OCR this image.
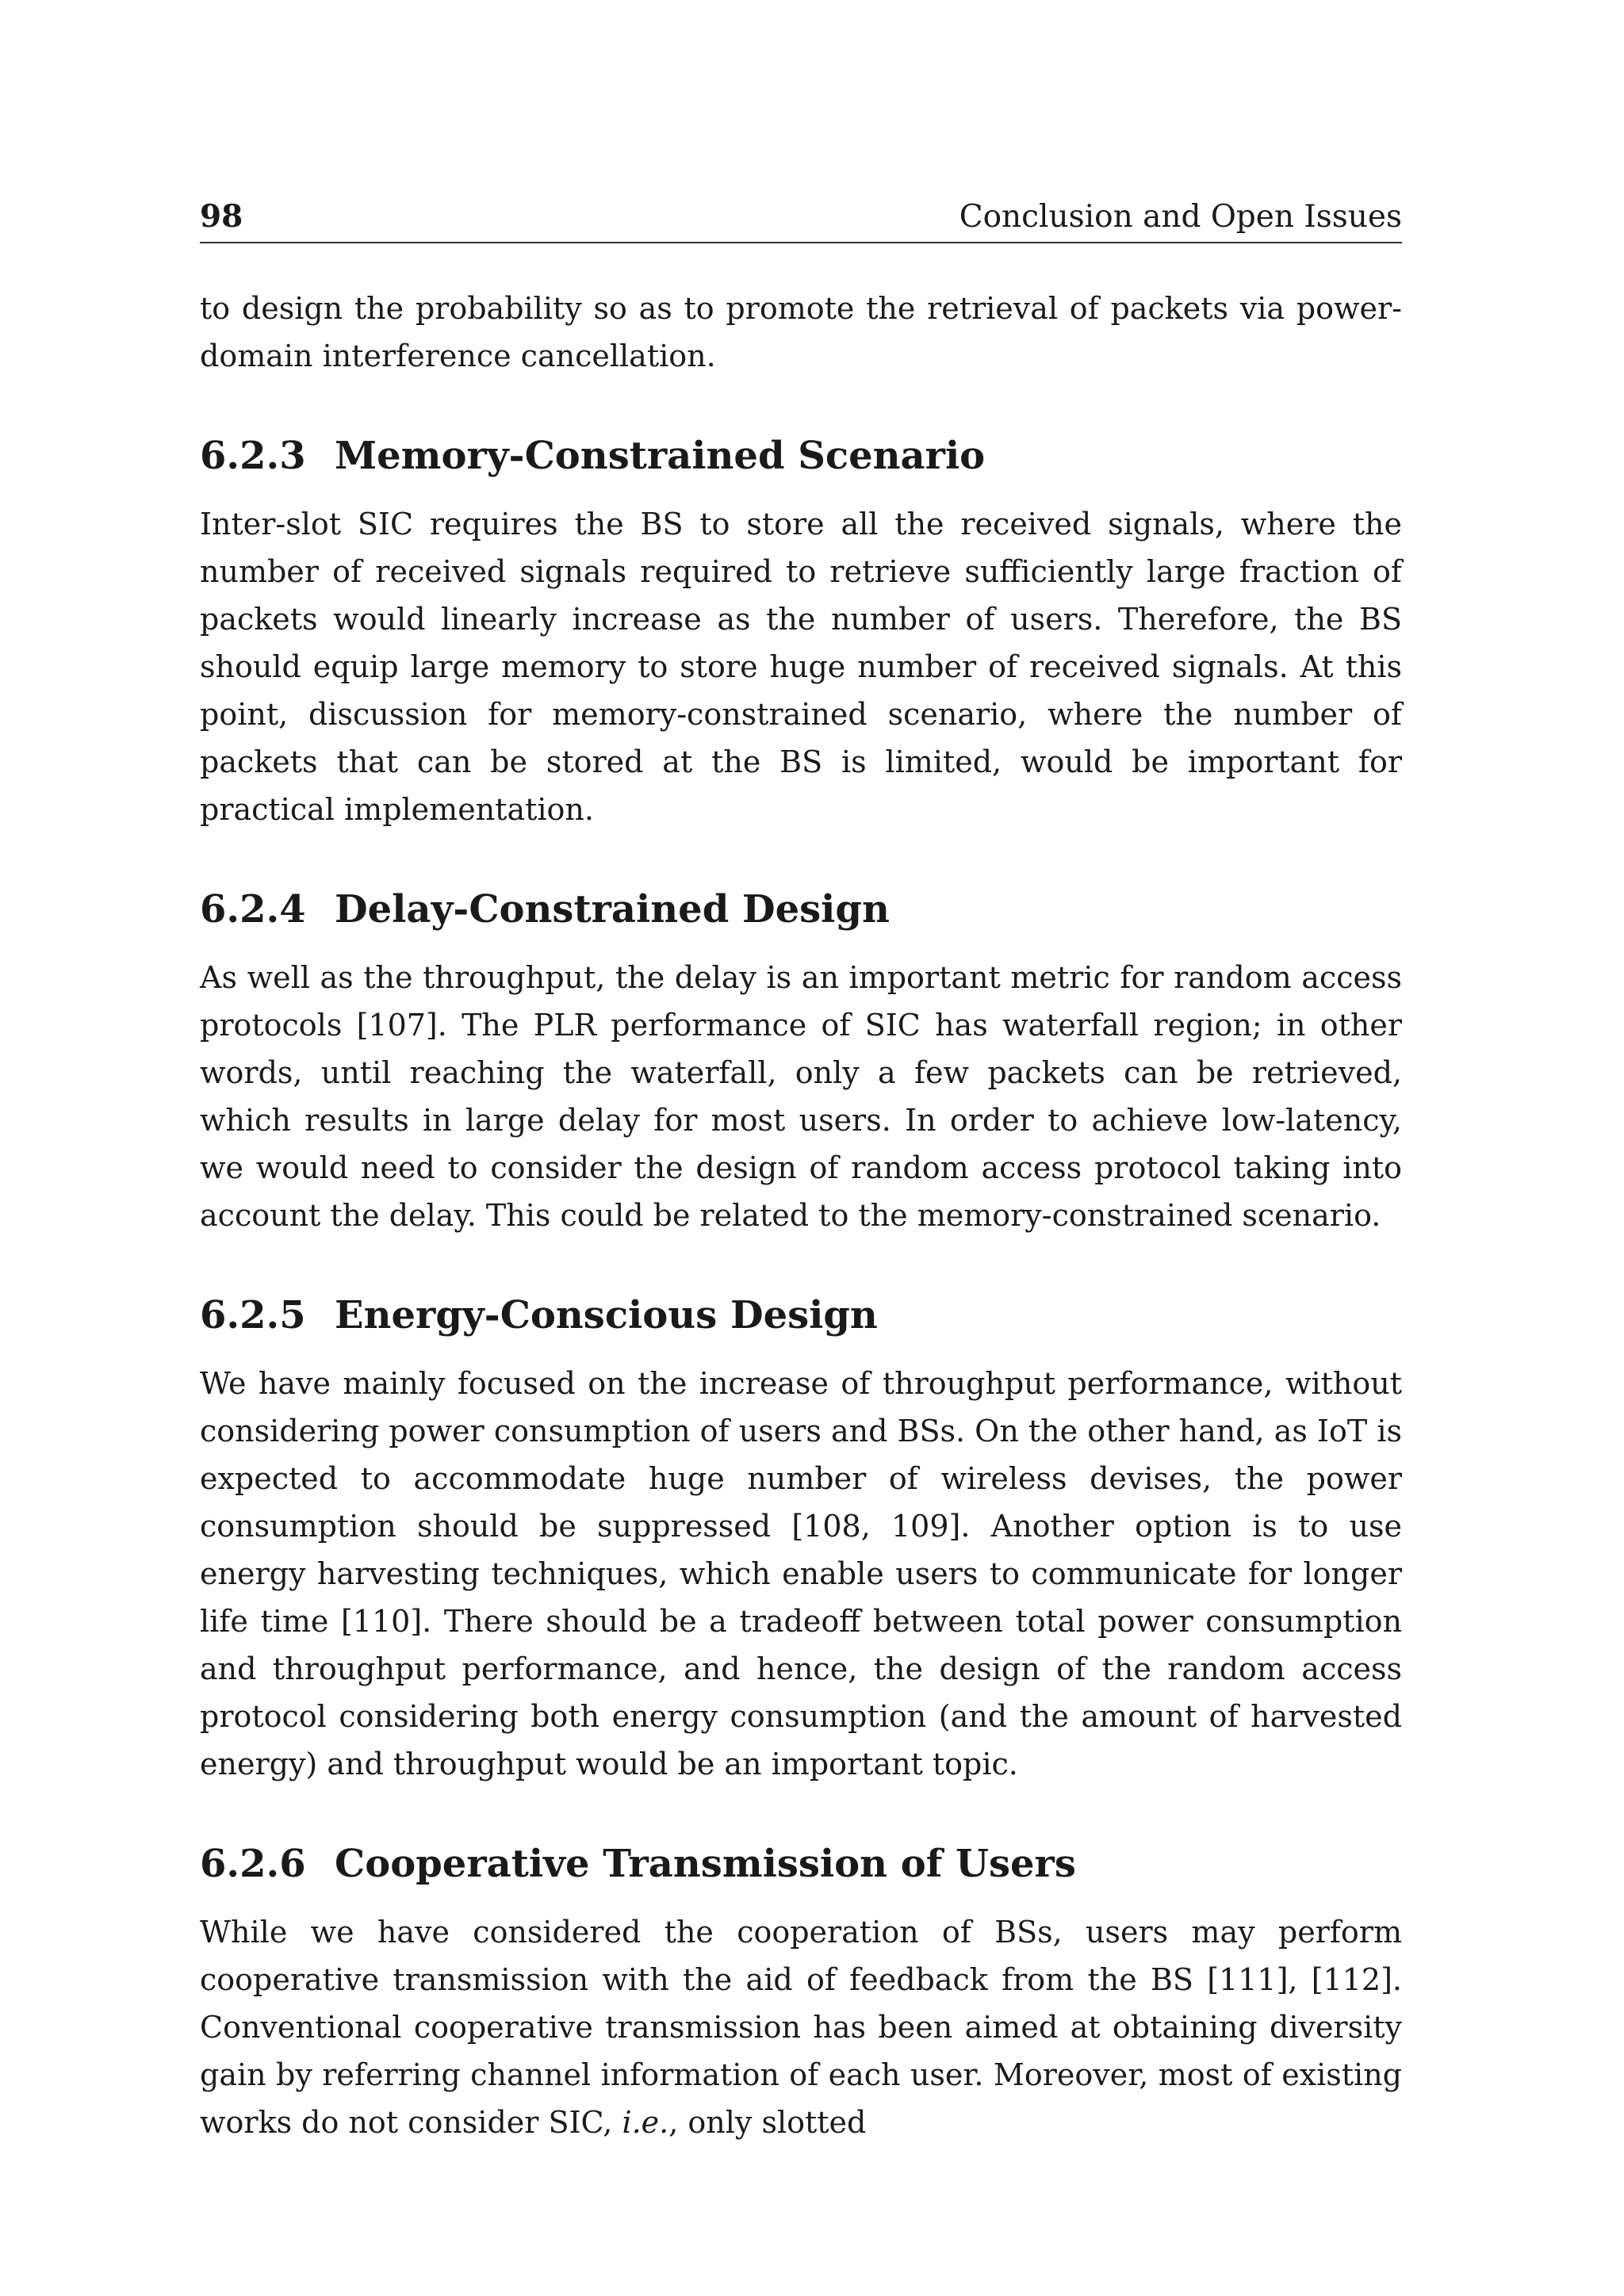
98	Conclusion and Open Issues

to design the probability so as to promote the retrieval of packets via power-domain interference cancellation.

6.2.3 Memory-Constrained Scenario

Inter-slot SIC requires the BS to store all the received signals, where the number of received signals required to retrieve sufficiently large fraction of packets would linearly increase as the number of users. Therefore, the BS should equip large memory to store huge number of received signals. At this point, discussion for memory-constrained scenario, where the number of packets that can be stored at the BS is limited, would be important for practical implementation.

6.2.4 Delay-Constrained Design

As well as the throughput, the delay is an important metric for random access protocols [107]. The PLR performance of SIC has waterfall region; in other words, until reaching the waterfall, only a few packets can be retrieved, which results in large delay for most users. In order to achieve low-latency, we would need to consider the design of random access protocol taking into account the delay. This could be related to the memory-constrained scenario.

6.2.5 Energy-Conscious Design

We have mainly focused on the increase of throughput performance, without considering power consumption of users and BSs. On the other hand, as IoT is expected to accommodate huge number of wireless devises, the power consumption should be suppressed [108, 109]. Another option is to use energy harvesting techniques, which enable users to communicate for longer life time [110]. There should be a tradeoff between total power consumption and throughput performance, and hence, the design of the random access protocol considering both energy consumption (and the amount of harvested energy) and throughput would be an important topic.

6.2.6 Cooperative Transmission of Users

While we have considered the cooperation of BSs, users may perform cooperative transmission with the aid of feedback from the BS [111], [112]. Conventional cooperative transmission has been aimed at obtaining diversity gain by referring channel information of each user. Moreover, most of existing works do not consider SIC, i.e., only slotted
